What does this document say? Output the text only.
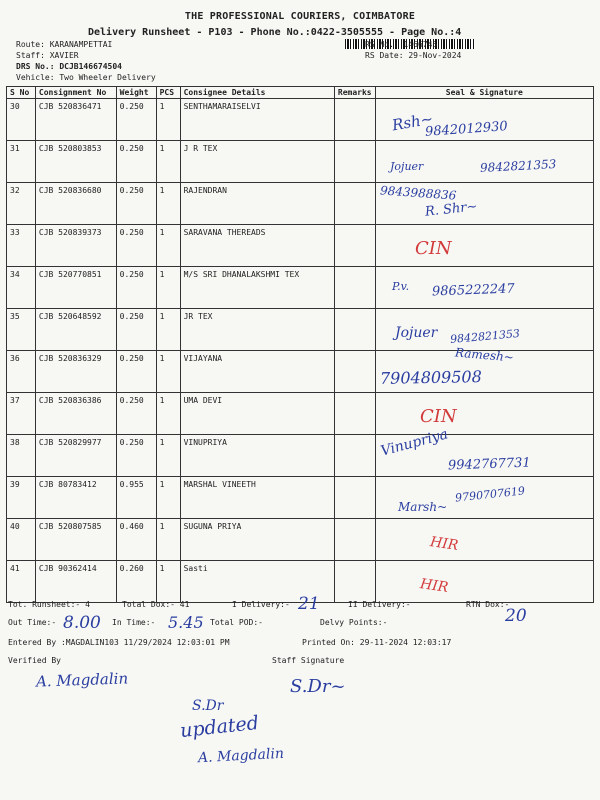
THE PROFESSIONAL COURIERS, COIMBATORE
Delivery Runsheet - P103 - Phone No.:0422-3505555 - Page No.:4
Route: KARANAMPETTAI
Staff: XAVIER
DRS No.: DCJB146674504
Vehicle: Two Wheeler Delivery
RS No.: 1466745
RS Date: 29-Nov-2024
S No	Consignment No	Weight	PCS	Consignee Details	Remarks	Seal & Signature
30	CJB 520836471	0.250	1	SENTHAMARAISELVI		
31	CJB 520803853	0.250	1	J R TEX		
32	CJB 520836680	0.250	1	RAJENDRAN		
33	CJB 520839373	0.250	1	SARAVANA THEREADS		
34	CJB 520770851	0.250	1	M/S SRI DHANALAKSHMI TEX		
35	CJB 520648592	0.250	1	JR TEX		
36	CJB 520836329	0.250	1	VIJAYANA		
37	CJB 520836386	0.250	1	UMA DEVI		
38	CJB 520829977	0.250	1	VINUPRIYA		
39	CJB 80783412	0.955	1	MARSHAL VINEETH		
40	CJB 520807585	0.460	1	SUGUNA PRIYA		
41	CJB 90362414	0.260	1	Sasti		
9842012930
Rsh~
Jojuer	9842821353
9843988836
R. Shr~
CIN
P.v. 9865222247
Jojuer 9842821353
Ramesh~
7904809508
CIN
Vinupriya
9942767731
Marsh~
9790707619
HIR
HIR
Tot. Runsheet:- 4	Total Dox:- 41	I Delivery:- 21	II Delivery:-	RTN Dox:-
20
Out Time:- 8.00 In Time:- 5.45 Total POD:-	Delvy Points:-
Entered By :MAGDALIN103 11/29/2024 12:03:01 PM	Printed On: 29-11-2024 12:03:17
Verified By	Staff Signature
A. Magdalin	S.Dr~
S.Dr
updated
A. Magdalin
